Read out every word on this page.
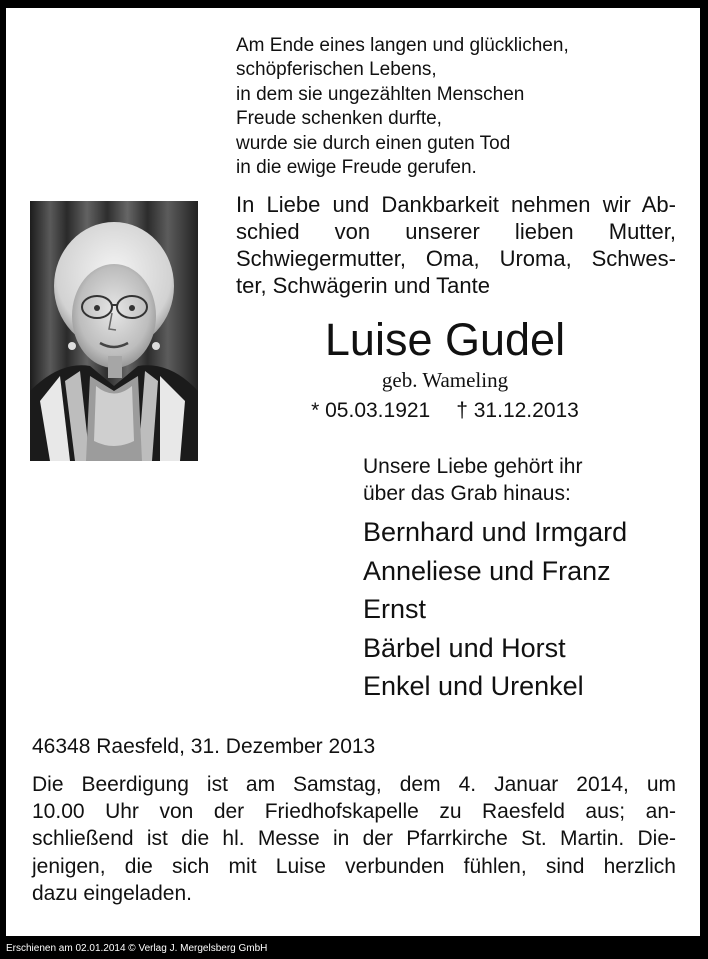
Am Ende eines langen und glücklichen,
schöpferischen Lebens,
in dem sie ungezählten Menschen
Freude schenken durfte,
wurde sie durch einen guten Tod
in die ewige Freude gerufen.
In Liebe und Dankbarkeit nehmen wir Ab-
schied von unserer lieben Mutter,
Schwiegermutter, Oma, Uroma, Schwes-
ter, Schwägerin und Tante
Luise Gudel
geb. Wameling
* 05.03.1921 † 31.12.2013
Unsere Liebe gehört ihr
über das Grab hinaus:
Bernhard und Irmgard
Anneliese und Franz
Ernst
Bärbel und Horst
Enkel und Urenkel
46348 Raesfeld, 31. Dezember 2013
Die Beerdigung ist am Samstag, dem 4. Januar 2014, um
10.00 Uhr von der Friedhofskapelle zu Raesfeld aus; an-
schließend ist die hl. Messe in der Pfarrkirche St. Martin. Die-
jenigen, die sich mit Luise verbunden fühlen, sind herzlich
dazu eingeladen.
Erschienen am 02.01.2014 © Verlag J. Mergelsberg GmbH
